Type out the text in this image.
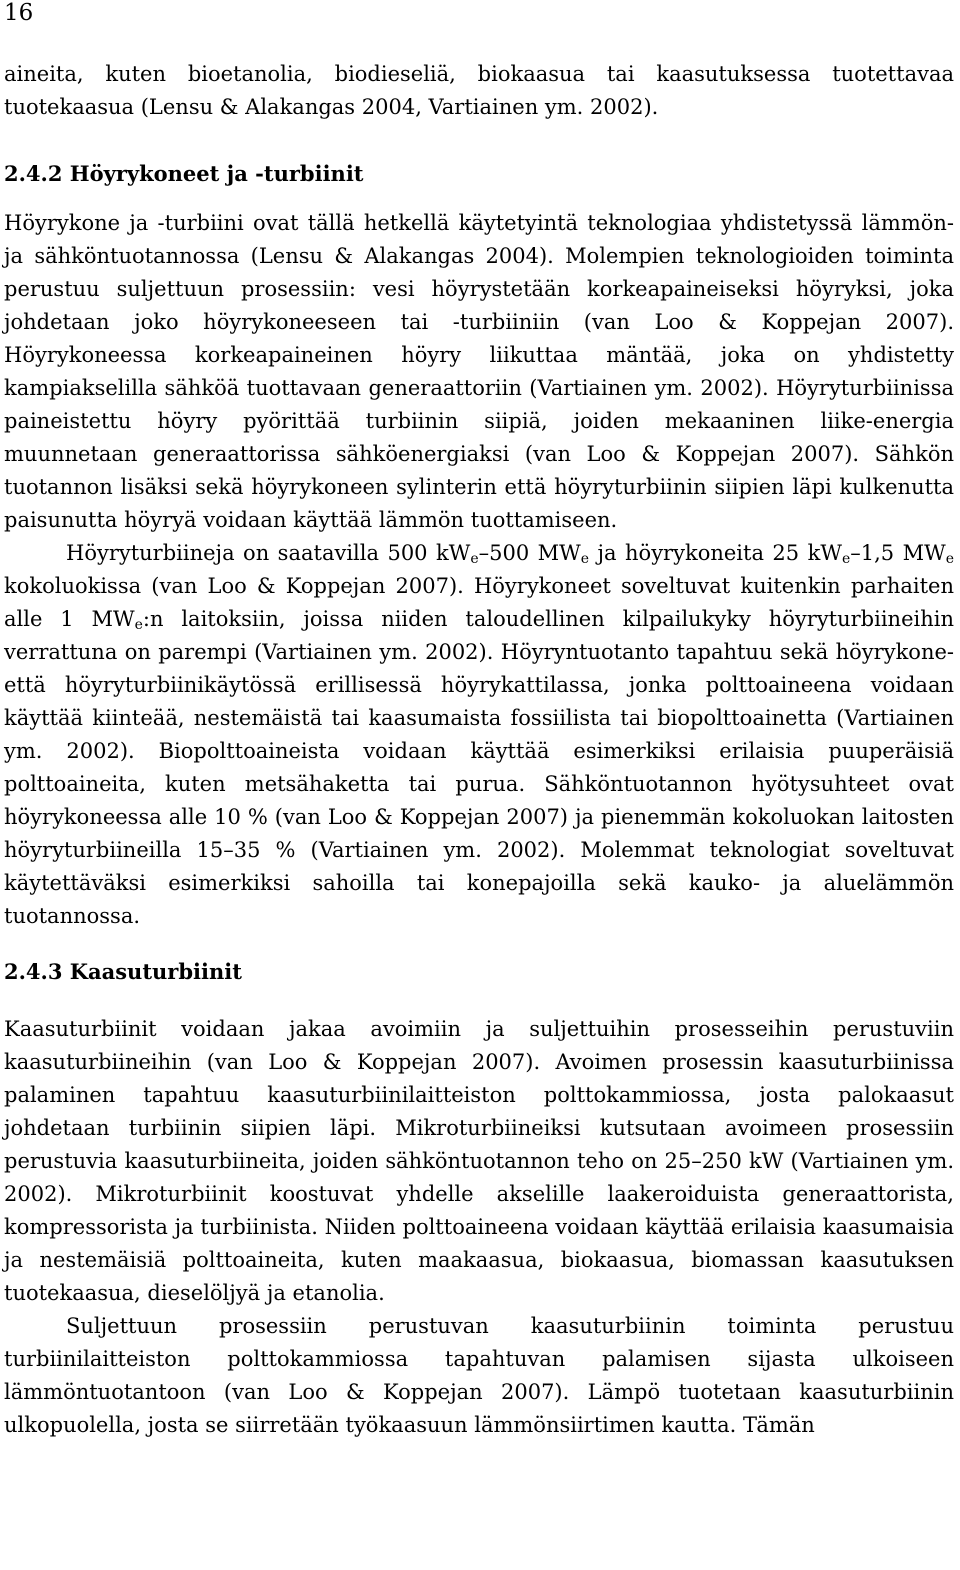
16

aineita, kuten bioetanolia, biodieseliä, biokaasua tai kaasutuksessa tuotettavaa tuotekaasua (Lensu & Alakangas 2004, Vartiainen ym. 2002).

2.4.2 Höyrykoneet ja -turbiinit

Höyrykone ja -turbiini ovat tällä hetkellä käytetyintä teknologiaa yhdistetyssä lämmön- ja sähköntuotannossa (Lensu & Alakangas 2004). Molempien teknologioiden toiminta perustuu suljettuun prosessiin: vesi höyrystetään korkeapaineiseksi höyryksi, joka johdetaan joko höyrykoneeseen tai -turbiiniin (van Loo & Koppejan 2007). Höyrykoneessa korkeapaineinen höyry liikuttaa mäntää, joka on yhdistetty kampiakselilla sähköä tuottavaan generaattoriin (Vartiainen ym. 2002). Höyryturbiinissa paineistettu höyry pyörittää turbiinin siipiä, joiden mekaaninen liike-energia muunnetaan generaattorissa sähköenergiaksi (van Loo & Koppejan 2007). Sähkön tuotannon lisäksi sekä höyrykoneen sylinterin että höyryturbiinin siipien läpi kulkenutta paisunutta höyryä voidaan käyttää lämmön tuottamiseen.

Höyryturbiineja on saatavilla 500 $kW_e-500$ $MW_e$ ja höyrykoneita 25 $kW_e-1,5$ $MW_e$ kokoluokissa (van Loo & Koppejan 2007). Höyrykoneet soveltuvat kuitenkin parhaiten alle 1 $MW_e:n$ laitoksiin, joissa niiden taloudellinen kilpailukyky höyryturbiineihin verrattuna on parempi (Vartiainen ym. 2002). Höyryntuotanto tapahtuu sekä höyrykone- että höyryturbiinikäytössä erillisessä höyrykattilassa, jonka polttoaineena voidaan käyttää kiinteää, nestemäistä tai kaasumaista fossiilista tai biopolttoainetta (Vartiainen ym. 2002). Biopolttoaineista voidaan käyttää esimerkiksi erilaisia puuperäisiä polttoaineita, kuten metsähaketta tai purua. Sähköntuotannon hyötysuhteet ovat höyrykoneessa alle 10 % (van Loo & Koppejan 2007) ja pienemmän kokoluokan laitosten höyryturbiineilla 15–35 % (Vartiainen ym. 2002). Molemmat teknologiat soveltuvat käytettäväksi esimerkiksi sahoilla tai konepajoilla sekä kauko- ja aluelämmön tuotannossa.

2.4.3 Kaasuturbiinit

Kaasuturbiinit voidaan jakaa avoimiin ja suljettuihin prosesseihin perustuviin kaasuturbiineihin (van Loo & Koppejan 2007). Avoimen prosessin kaasuturbiinissa palaminen tapahtuu kaasuturbiinilaitteiston polttokammiossa, josta palokaasut johdetaan turbiinin siipien läpi. Mikroturbiineiksi kutsutaan avoimeen prosessiin perustuvia kaasuturbiineita, joiden sähköntuotannon teho on 25–250 kW (Vartiainen ym. 2002). Mikroturbiinit koostuvat yhdelle akselille laakeroiduista generaattorista, kompressorista ja turbiinista. Niiden polttoaineena voidaan käyttää erilaisia kaasumaisia ja nestemäisiä polttoaineita, kuten maakaasua, biokaasua, biomassan kaasutuksen tuotekaasua, dieselöljyä ja etanolia.

Suljettuun prosessiin perustuvan kaasuturbiinin toiminta perustuu turbiinilaitteiston polttokammiossa tapahtuvan palamisen sijasta ulkoiseen lämmöntuotantoon (van Loo & Koppejan 2007). Lämpö tuotetaan kaasuturbiinin ulkopuolella, josta se siirretään työkaasuun lämmönsiirtimen kautta. Tämän
